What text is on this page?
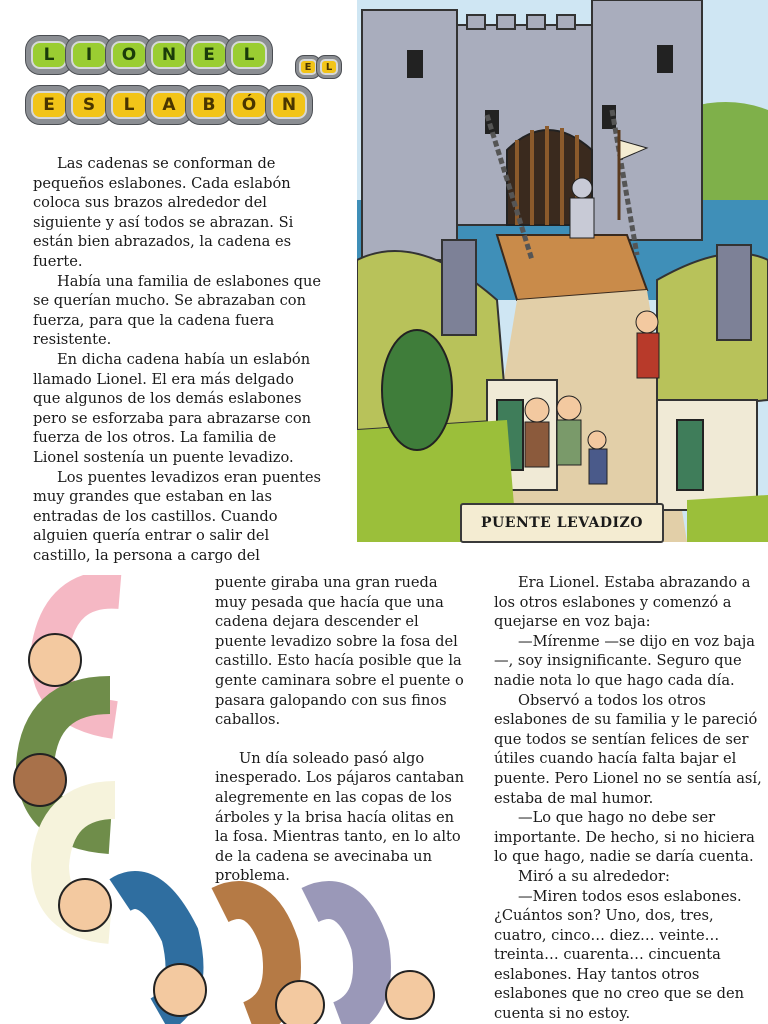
L I O N E L
E L
E S L A B Ó N

Las cadenas se conforman de pequeños eslabones. Cada eslabón coloca sus brazos alrededor del siguiente y así todos se abrazan. Si están bien abrazados, la cadena es fuerte.

Había una familia de eslabones que se querían mucho. Se abrazaban con fuerza, para que la cadena fuera resistente.

En dicha cadena había un eslabón llamado Lionel. El era más delgado que algunos de los demás eslabones pero se esforzaba para abrazarse con fuerza de los otros. La familia de Lionel sostenía un puente levadizo.

Los puentes levadizos eran puentes muy grandes que estaban en las entradas de los castillos. Cuando alguien quería entrar o salir del castillo, la persona a cargo del

PUENTE LEVADIZO

puente giraba una gran rueda muy pesada que hacía que una cadena dejara descender el puente levadizo sobre la fosa del castillo. Esto hacía posible que la gente caminara sobre el puente o pasara galopando con sus finos caballos.

Un día soleado pasó algo inesperado. Los pájaros cantaban alegremente en las copas de los árboles y la brisa hacía olitas en la fosa. Mientras tanto, en lo alto de la cadena se avecinaba un problema.

Era Lionel. Estaba abrazando a los otros eslabones y comenzó a quejarse en voz baja:

—Mírenme —se dijo en voz baja—, soy insignificante. Seguro que nadie nota lo que hago cada día.

Observó a todos los otros eslabones de su familia y le pareció que todos se sentían felices de ser útiles cuando hacía falta bajar el puente. Pero Lionel no se sentía así, estaba de mal humor.

—Lo que hago no debe ser importante. De hecho, si no hiciera lo que hago, nadie se daría cuenta.

Miró a su alrededor:

—Miren todos esos eslabones. ¿Cuántos son? Uno, dos, tres, cuatro, cinco… diez… veinte… treinta… cuarenta… cincuenta eslabones. Hay tantos otros eslabones que no creo que se den cuenta si no estoy.
